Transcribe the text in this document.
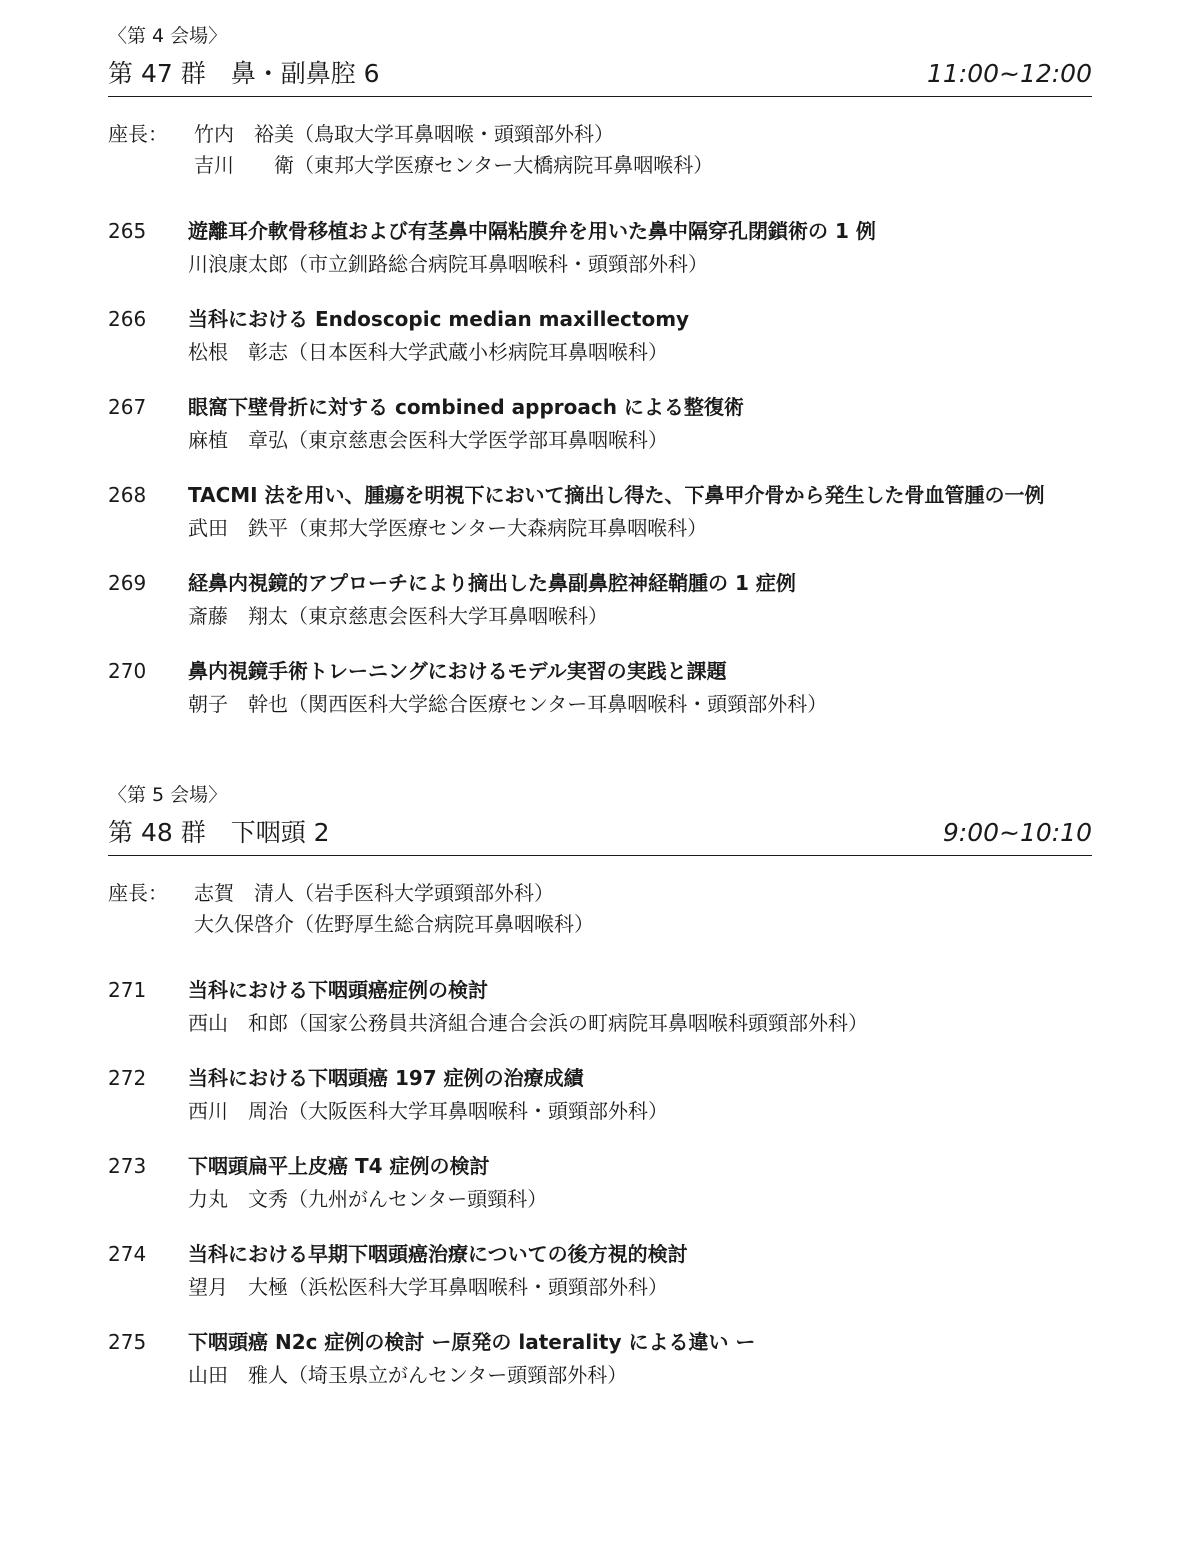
〈第 4 会場〉
第 47 群　鼻・副鼻腔 6	11:00~12:00
座長：	竹内　裕美（鳥取大学耳鼻咽喉・頭頸部外科）
吉川　　衛（東邦大学医療センター大橋病院耳鼻咽喉科）
265	遊離耳介軟骨移植および有茎鼻中隔粘膜弁を用いた鼻中隔穿孔閉鎖術の 1 例
川浪康太郎（市立釧路総合病院耳鼻咽喉科・頭頸部外科）
266	当科における Endoscopic median maxillectomy
松根　彰志（日本医科大学武蔵小杉病院耳鼻咽喉科）
267	眼窩下壁骨折に対する combined approach による整復術
麻植　章弘（東京慈恵会医科大学医学部耳鼻咽喉科）
268	TACMI 法を用い、腫瘍を明視下において摘出し得た、下鼻甲介骨から発生した骨血管腫の一例
武田　鉄平（東邦大学医療センター大森病院耳鼻咽喉科）
269	経鼻内視鏡的アプローチにより摘出した鼻副鼻腔神経鞘腫の 1 症例
斎藤　翔太（東京慈恵会医科大学耳鼻咽喉科）
270	鼻内視鏡手術トレーニングにおけるモデル実習の実践と課題
朝子　幹也（関西医科大学総合医療センター耳鼻咽喉科・頭頸部外科）
〈第 5 会場〉
第 48 群　下咽頭 2	9:00~10:10
座長：	志賀　清人（岩手医科大学頭頸部外科）
大久保啓介（佐野厚生総合病院耳鼻咽喉科）
271	当科における下咽頭癌症例の検討
西山　和郎（国家公務員共済組合連合会浜の町病院耳鼻咽喉科頭頸部外科）
272	当科における下咽頭癌 197 症例の治療成績
西川　周治（大阪医科大学耳鼻咽喉科・頭頸部外科）
273	下咽頭扁平上皮癌 T4 症例の検討
力丸　文秀（九州がんセンター頭頸科）
274	当科における早期下咽頭癌治療についての後方視的検討
望月　大極（浜松医科大学耳鼻咽喉科・頭頸部外科）
275	下咽頭癌 N2c 症例の検討 ー原発の laterality による違い ー
山田　雅人（埼玉県立がんセンター頭頸部外科）
